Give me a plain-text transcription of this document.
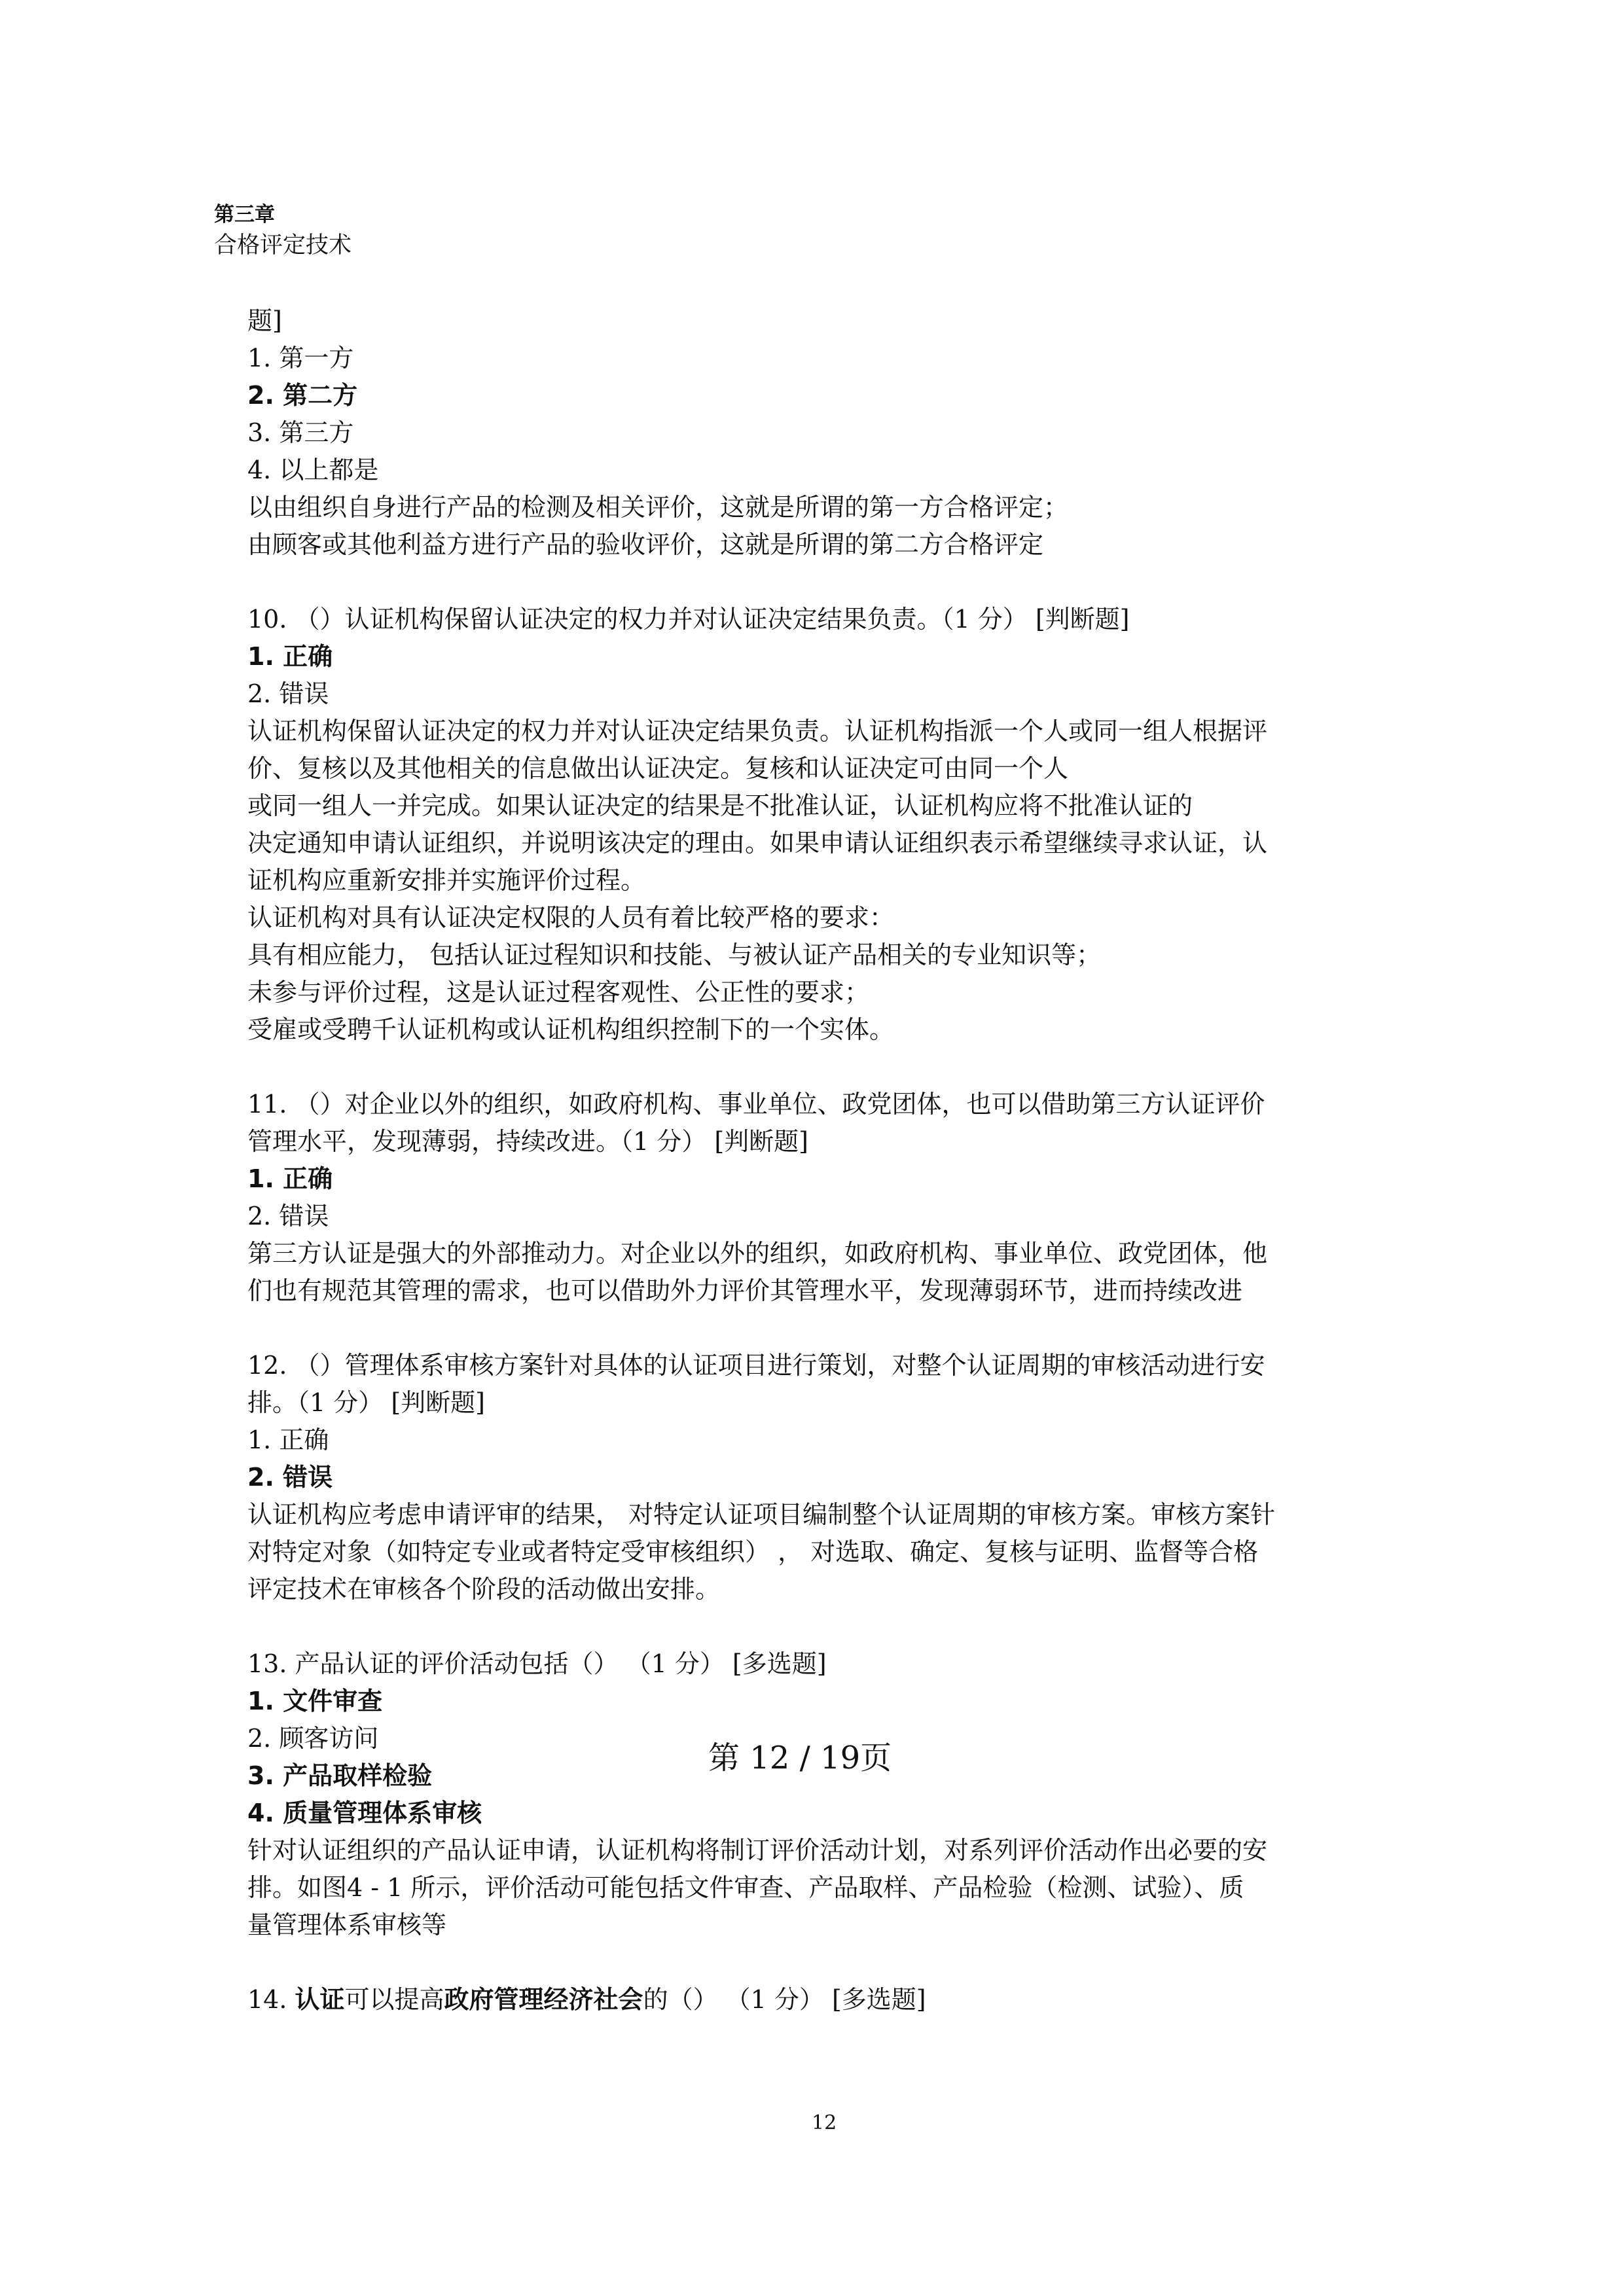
第三章
合格评定技术
题]
1. 第一方
2. 第二方
3. 第三方
4. 以上都是
以由组织自身进行产品的检测及相关评价，这就是所谓的第一方合格评定；
由顾客或其他利益方进行产品的验收评价，这就是所谓的第二方合格评定
10. （）认证机构保留认证决定的权力并对认证决定结果负责。（1 分） [判断题]
1. 正确
2. 错误
认证机构保留认证决定的权力并对认证决定结果负责。认证机构指派一个人或同一组人根据评
价、复核以及其他相关的信息做出认证决定。复核和认证决定可由同一个人
或同一组人一并完成。如果认证决定的结果是不批准认证，认证机构应将不批准认证的
决定通知申请认证组织，并说明该决定的理由。如果申请认证组织表示希望继续寻求认证，认
证机构应重新安排并实施评价过程。
认证机构对具有认证决定权限的人员有着比较严格的要求：
具有相应能力， 包括认证过程知识和技能、与被认证产品相关的专业知识等；
未参与评价过程，这是认证过程客观性、公正性的要求；
受雇或受聘千认证机构或认证机构组织控制下的一个实体。
11. （）对企业以外的组织，如政府机构、事业单位、政党团体，也可以借助第三方认证评价
管理水平，发现薄弱，持续改进。（1 分） [判断题]
1. 正确
2. 错误
第三方认证是强大的外部推动力。对企业以外的组织，如政府机构、事业单位、政党团体，他
们也有规范其管理的需求，也可以借助外力评价其管理水平，发现薄弱环节，进而持续改进
12. （）管理体系审核方案针对具体的认证项目进行策划，对整个认证周期的审核活动进行安
排。（1 分） [判断题]
1. 正确
2. 错误
认证机构应考虑申请评审的结果， 对特定认证项目编制整个认证周期的审核方案。审核方案针
对特定对象（如特定专业或者特定受审核组织） ， 对选取、确定、复核与证明、监督等合格
评定技术在审核各个阶段的活动做出安排。
13. 产品认证的评价活动包括（） （1 分） [多选题]
1. 文件审查
2. 顾客访问
3. 产品取样检验
4. 质量管理体系审核
针对认证组织的产品认证申请，认证机构将制订评价活动计划，对系列评价活动作出必要的安
排。如图4 - 1 所示，评价活动可能包括文件审查、产品取样、产品检验（检测、试验）、质
量管理体系审核等
14. 认证可以提高政府管理经济社会的（） （1 分） [多选题]
第 12 / 19页
12
